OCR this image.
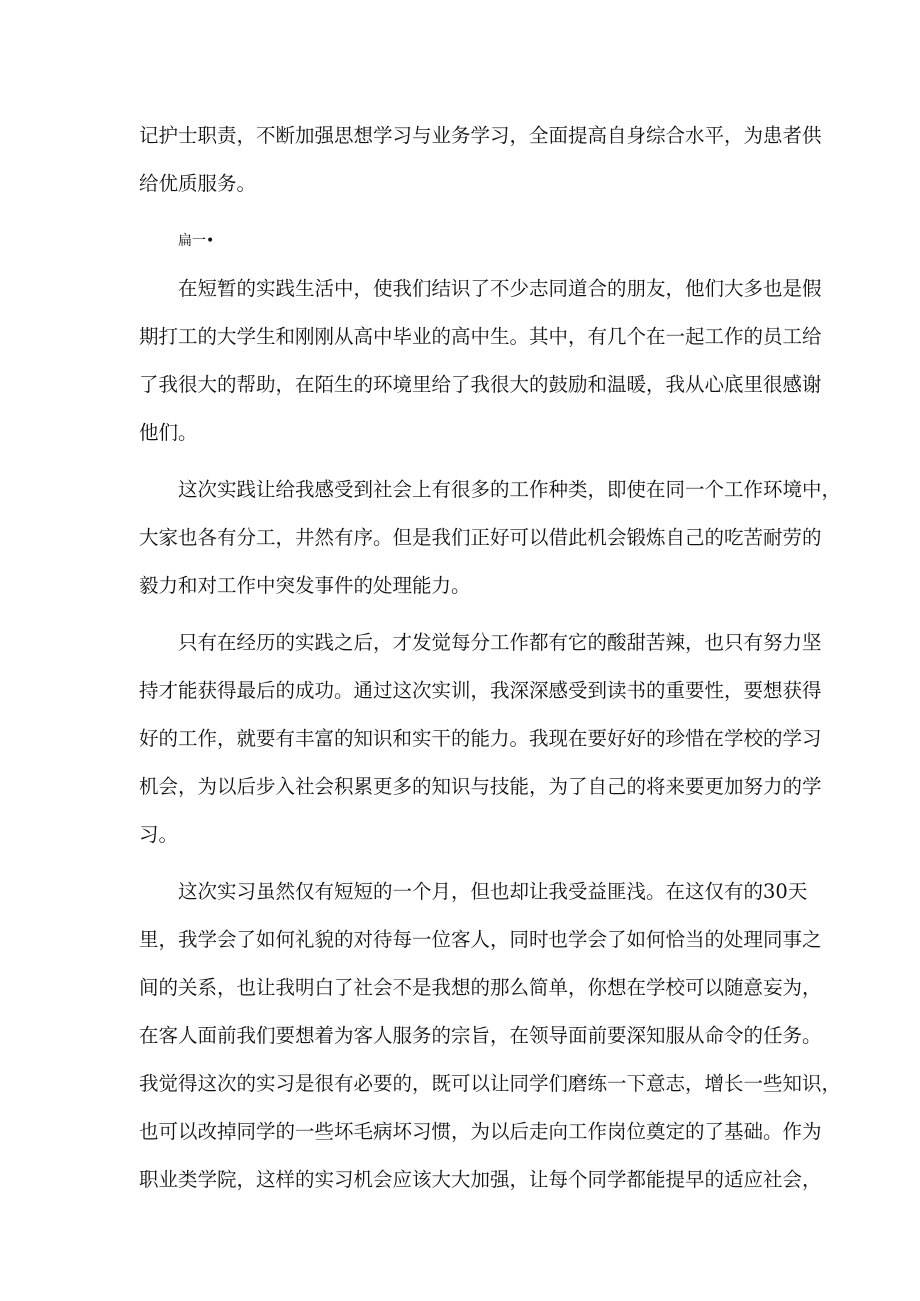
记护士职责，不断加强思想学习与业务学习，全面提高自身综合水平，为患者供
给优质服务。
扁一•
在短暂的实践生活中，使我们结识了不少志同道合的朋友，他们大多也是假
期打工的大学生和刚刚从高中毕业的高中生。其中，有几个在一起工作的员工给
了我很大的帮助，在陌生的环境里给了我很大的鼓励和温暖，我从心底里很感谢
他们。
这次实践让给我感受到社会上有很多的工作种类，即使在同一个工作环境中，
大家也各有分工，井然有序。但是我们正好可以借此机会锻炼自己的吃苦耐劳的
毅力和对工作中突发事件的处理能力。
只有在经历的实践之后，才发觉每分工作都有它的酸甜苦辣，也只有努力坚
持才能获得最后的成功。通过这次实训，我深深感受到读书的重要性，要想获得
好的工作，就要有丰富的知识和实干的能力。我现在要好好的珍惜在学校的学习
机会，为以后步入社会积累更多的知识与技能，为了自己的将来要更加努力的学
习。
这次实习虽然仅有短短的一个月，但也却让我受益匪浅。在这仅有的30天
里，我学会了如何礼貌的对待每一位客人，同时也学会了如何恰当的处理同事之
间的关系，也让我明白了社会不是我想的那么简单，你想在学校可以随意妄为，
在客人面前我们要想着为客人服务的宗旨，在领导面前要深知服从命令的任务。
我觉得这次的实习是很有必要的，既可以让同学们磨练一下意志，增长一些知识，
也可以改掉同学的一些坏毛病坏习惯，为以后走向工作岗位奠定的了基础。作为
职业类学院，这样的实习机会应该大大加强，让每个同学都能提早的适应社会，
